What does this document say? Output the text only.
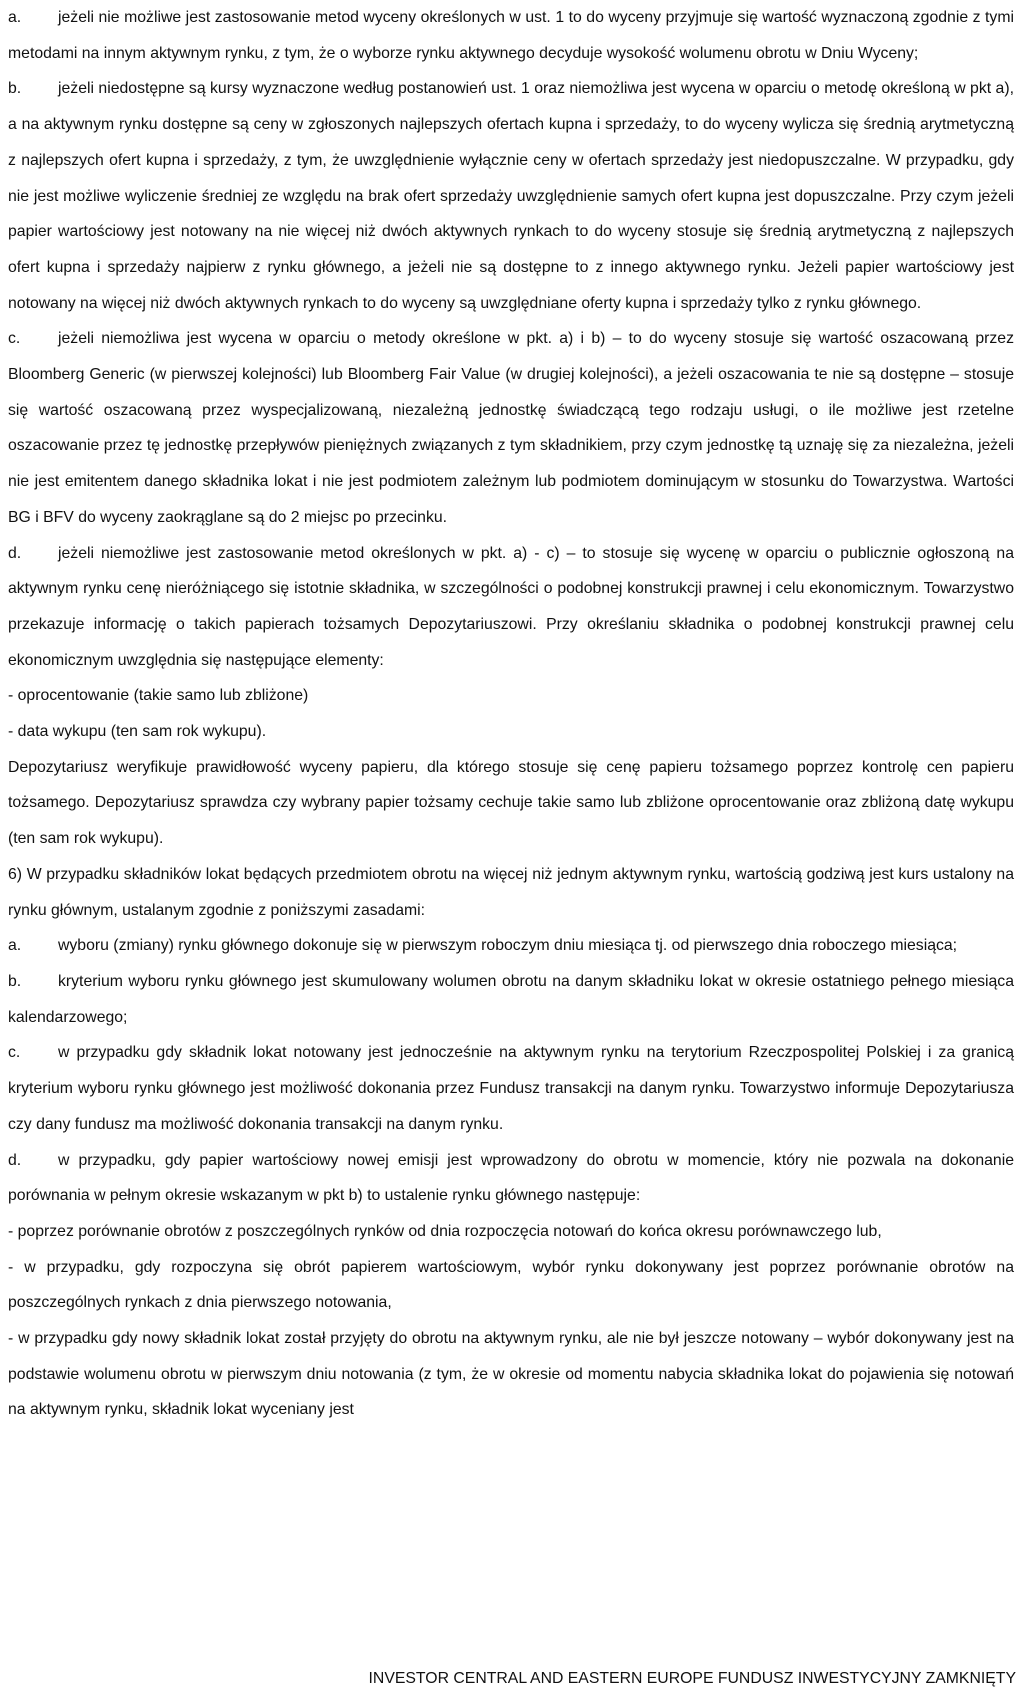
a. jeżeli nie możliwe jest zastosowanie metod wyceny określonych w ust. 1 to do wyceny przyjmuje się wartość wyznaczoną zgodnie z tymi metodami na innym aktywnym rynku, z tym, że o wyborze rynku aktywnego decyduje wysokość wolumenu obrotu w Dniu Wyceny;

b. jeżeli niedostępne są kursy wyznaczone według postanowień ust. 1 oraz niemożliwa jest wycena w oparciu o metodę określoną w pkt a), a na aktywnym rynku dostępne są ceny w zgłoszonych najlepszych ofertach kupna i sprzedaży, to do wyceny wylicza się średnią arytmetyczną z najlepszych ofert kupna i sprzedaży, z tym, że uwzględnienie wyłącznie ceny w ofertach sprzedaży jest niedopuszczalne. W przypadku, gdy nie jest możliwe wyliczenie średniej ze względu na brak ofert sprzedaży uwzględnienie samych ofert kupna jest dopuszczalne. Przy czym jeżeli papier wartościowy jest notowany na nie więcej niż dwóch aktywnych rynkach to do wyceny stosuje się średnią arytmetyczną z najlepszych ofert kupna i sprzedaży najpierw z rynku głównego, a jeżeli nie są dostępne to z innego aktywnego rynku. Jeżeli papier wartościowy jest notowany na więcej niż dwóch aktywnych rynkach to do wyceny są uwzględniane oferty kupna i sprzedaży tylko z rynku głównego.

c. jeżeli niemożliwa jest wycena w oparciu o metody określone w pkt. a) i b) – to do wyceny stosuje się wartość oszacowaną przez Bloomberg Generic (w pierwszej kolejności) lub Bloomberg Fair Value (w drugiej kolejności), a jeżeli oszacowania te nie są dostępne – stosuje się wartość oszacowaną przez wyspecjalizowaną, niezależną jednostkę świadczącą tego rodzaju usługi, o ile możliwe jest rzetelne oszacowanie przez tę jednostkę przepływów pieniężnych związanych z tym składnikiem, przy czym jednostkę tą uznaję się za niezależna, jeżeli nie jest emitentem danego składnika lokat i nie jest podmiotem zależnym lub podmiotem dominującym w stosunku do Towarzystwa. Wartości BG i BFV do wyceny zaokrąglane są do 2 miejsc po przecinku.

d. jeżeli niemożliwe jest zastosowanie metod określonych w pkt. a) - c) – to stosuje się wycenę w oparciu o publicznie ogłoszoną na aktywnym rynku cenę nieróżniącego się istotnie składnika, w szczególności o podobnej konstrukcji prawnej i celu ekonomicznym. Towarzystwo przekazuje informację o takich papierach tożsamych Depozytariuszowi. Przy określaniu składnika o podobnej konstrukcji prawnej celu ekonomicznym uwzględnia się następujące elementy:

- oprocentowanie (takie samo lub zbliżone)

- data wykupu (ten sam rok wykupu).

Depozytariusz weryfikuje prawidłowość wyceny papieru, dla którego stosuje się cenę papieru tożsamego poprzez kontrolę cen papieru tożsamego. Depozytariusz sprawdza czy wybrany papier tożsamy cechuje takie samo lub zbliżone oprocentowanie oraz zbliżoną datę wykupu (ten sam rok wykupu).

6) W przypadku składników lokat będących przedmiotem obrotu na więcej niż jednym aktywnym rynku, wartością godziwą jest kurs ustalony na rynku głównym, ustalanym zgodnie z poniższymi zasadami:

a. wyboru (zmiany) rynku głównego dokonuje się w pierwszym roboczym dniu miesiąca tj. od pierwszego dnia roboczego miesiąca;

b. kryterium wyboru rynku głównego jest skumulowany wolumen obrotu na danym składniku lokat w okresie ostatniego pełnego miesiąca kalendarzowego;

c. w przypadku gdy składnik lokat notowany jest jednocześnie na aktywnym rynku na terytorium Rzeczpospolitej Polskiej i za granicą kryterium wyboru rynku głównego jest możliwość dokonania przez Fundusz transakcji na danym rynku. Towarzystwo informuje Depozytariusza czy dany fundusz ma możliwość dokonania transakcji na danym rynku.

d. w przypadku, gdy papier wartościowy nowej emisji jest wprowadzony do obrotu w momencie, który nie pozwala na dokonanie porównania w pełnym okresie wskazanym w pkt b) to ustalenie rynku głównego następuje:

- poprzez porównanie obrotów z poszczególnych rynków od dnia rozpoczęcia notowań do końca okresu porównawczego lub,

- w przypadku, gdy rozpoczyna się obrót papierem wartościowym, wybór rynku dokonywany jest poprzez porównanie obrotów na poszczególnych rynkach z dnia pierwszego notowania,

- w przypadku gdy nowy składnik lokat został przyjęty do obrotu na aktywnym rynku, ale nie był jeszcze notowany – wybór dokonywany jest na podstawie wolumenu obrotu w pierwszym dniu notowania (z tym, że w okresie od momentu nabycia składnika lokat do pojawienia się notowań na aktywnym rynku, składnik lokat wyceniany jest

INVESTOR CENTRAL AND EASTERN EUROPE FUNDUSZ INWESTYCYJNY ZAMKNIĘTY
